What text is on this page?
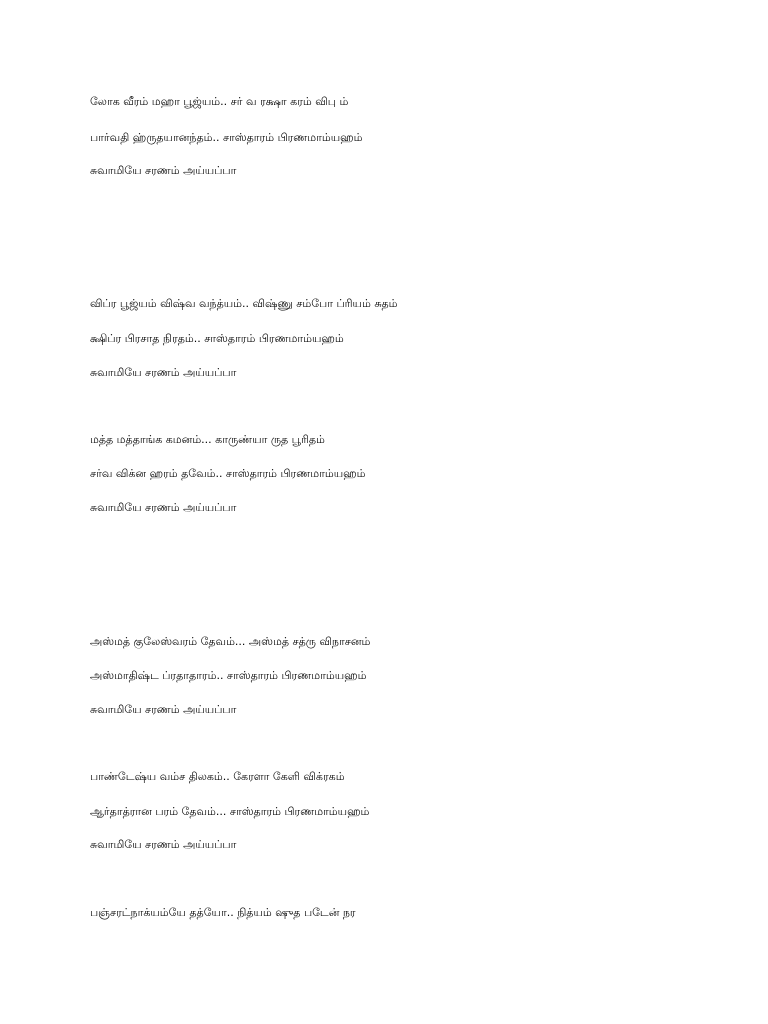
லோக வீரம் மஹா பூஜ்யம்.. சர் வ ரக்ஷா கரம் விபு ம்
பார்வதி ஹ்ருதயானந்தம்.. சாஸ்தாரம் பிரணமாம்யஹம்
சுவாமியே சரணம் அய்யப்பா
விப்ர பூஜ்யம் விஷ்வ வந்த்யம்.. விஷ்ணு சம்போ ப்ரியம் சுதம்
க்ஷிப்ர பிரசாத நிரதம்.. சாஸ்தாரம் பிரணமாம்யஹம்
சுவாமியே சரணம் அய்யப்பா
மத்த மத்தாங்க கமனம்... காருண்யா ருத பூரிதம்
சர்வ விக்ன ஹரம் தவேம்.. சாஸ்தாரம் பிரணமாம்யஹம்
சுவாமியே சரணம் அய்யப்பா
அஸ்மத் குலேஸ்வரம் தேவம்... அஸ்மத் சத்ரு விநாசனம்
அஸ்மாதிஷ்ட ப்ரதாதாரம்.. சாஸ்தாரம் பிரணமாம்யஹம்
சுவாமியே சரணம் அய்யப்பா
பாண்டேஷ்ய வம்ச திலகம்.. கேரளா கேளி விக்ரகம்
ஆர்தாத்ரான பரம் தேவம்... சாஸ்தாரம் பிரணமாம்யஹம்
சுவாமியே சரணம் அய்யப்பா
பஞ்சரட்நாக்யம்யே தத்யோ.. நித்யம் ஷுத படேன் நர
